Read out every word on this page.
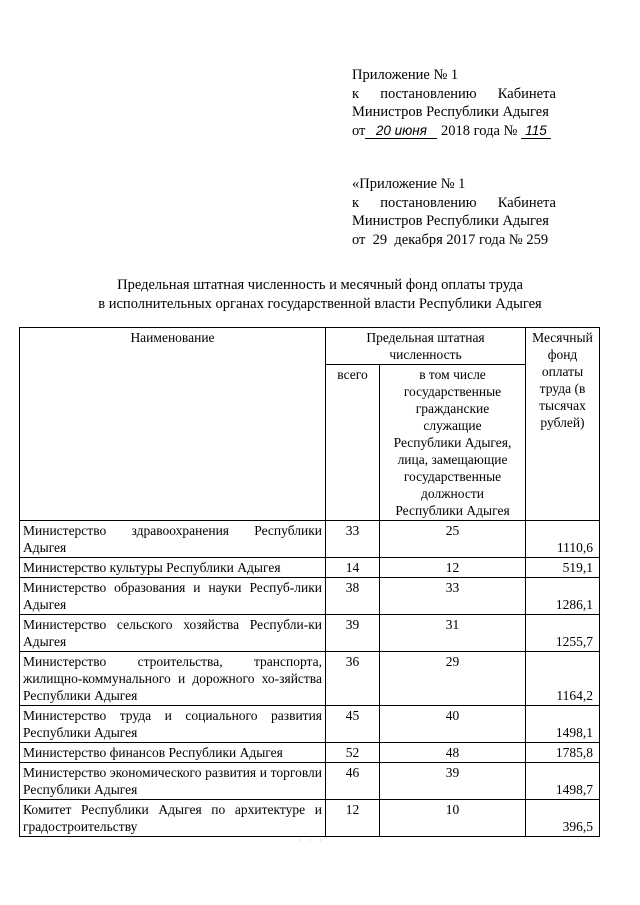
Приложение № 1
к постановлению Кабинета
Министров Республики Адыгея
от 20 июня 2018 года № 115
«Приложение № 1
к постановлению Кабинета
Министров Республики Адыгея
от  29  декабря 2017 года № 259
Предельная штатная численность и месячный фонд оплаты труда
в исполнительных органах государственной власти Республики Адыгея
Наименование	Предельная штатная численность		Месячный фонд оплаты труда (в тысячах рублей)
	всего	в том числе государственные гражданские служащие Республики Адыгея, лица, замещающие государственные должности Республики Адыгея	
Министерство здравоохранения Республики Адыгея	33	25	1110,6
Министерство культуры Республики Адыгея	14	12	519,1
Министерство образования и науки Респуб-лики Адыгея	38	33	1286,1
Министерство сельского хозяйства Республи-ки Адыгея	39	31	1255,7
Министерство строительства, транспорта, жилищно-коммунального и дорожного хо-зяйства Республики Адыгея	36	29	1164,2
Министерство труда и социального развития Республики Адыгея	45	40	1498,1
Министерство финансов Республики Адыгея	52	48	1785,8
Министерство экономического развития и торговли Республики Адыгея	46	39	1498,7
Комитет Республики Адыгея по архитектуре и градостроительству	12	10	396,5
· · ·
